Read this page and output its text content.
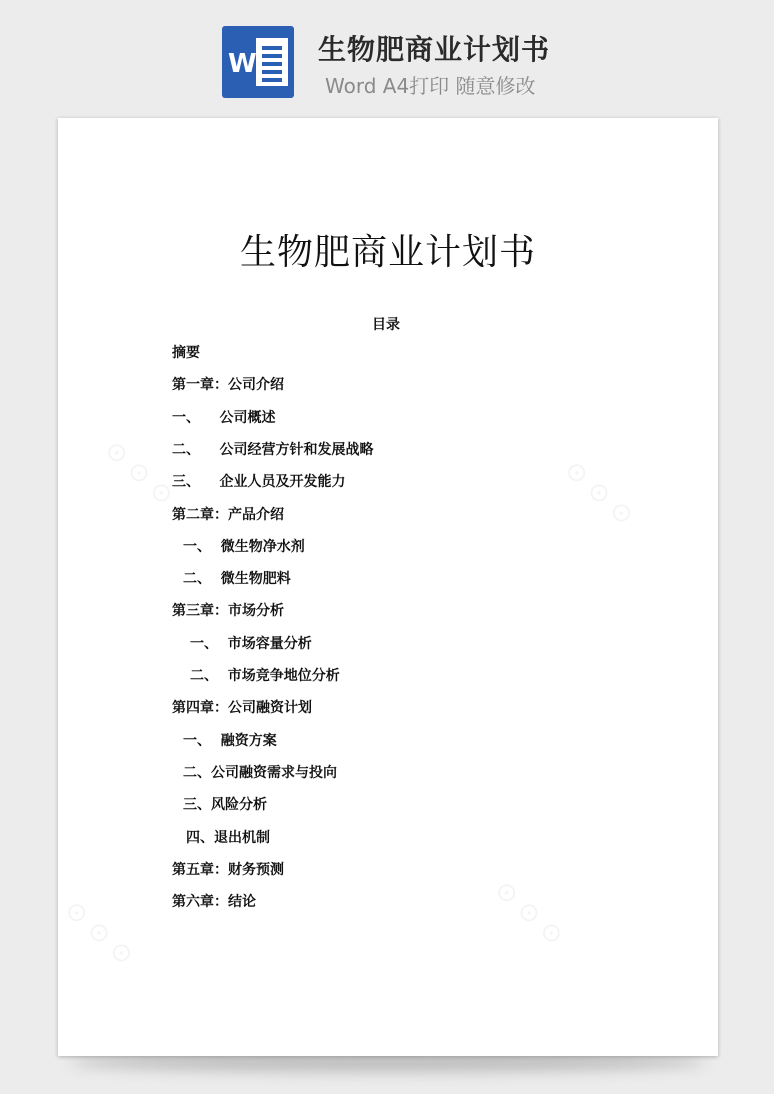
W	生物肥商业计划书
Word A4打印 随意修改
生物肥商业计划书
目录
摘要
第一章：公司介绍
一、    公司概述
二、    公司经营方针和发展战略
三、    企业人员及开发能力
第二章：产品介绍
一、  微生物净水剂
二、  微生物肥料
第三章：市场分析
一、  市场容量分析
二、  市场竞争地位分析
第四章：公司融资计划
一、  融资方案
二、公司融资需求与投向
三、风险分析
四、退出机制
第五章：财务预测
第六章：结论
